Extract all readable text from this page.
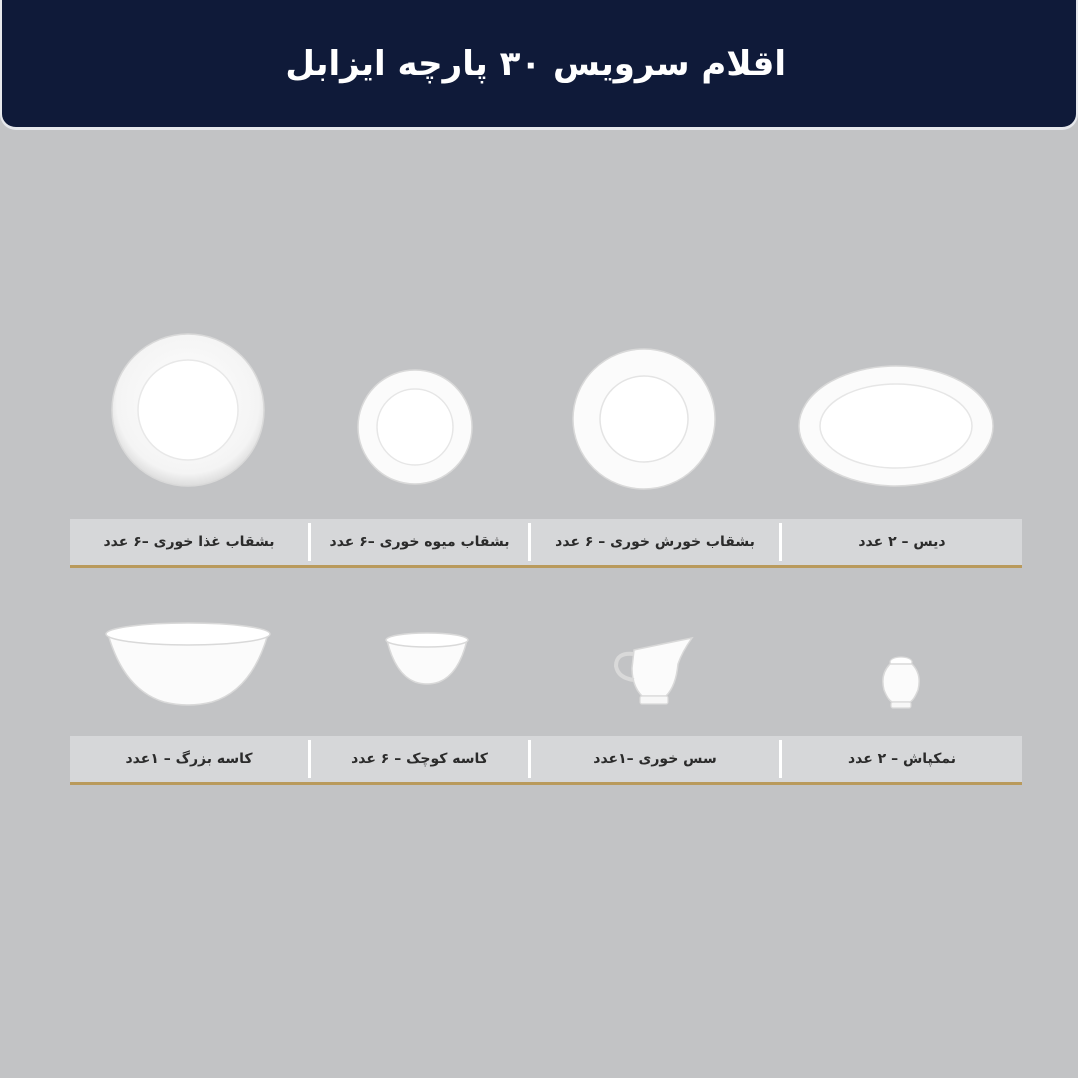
اقلام سرویس ۳۰ پارچه ایزابل
بشقاب غذا خوری –۶ عدد	بشقاب میوه خوری –۶ عدد	بشقاب خورش خوری – ۶ عدد	دیس – ۲ عدد
کاسه بزرگ – ۱عدد	کاسه کوچک – ۶ عدد	سس خوری –۱عدد	نمکپاش – ۲ عدد
